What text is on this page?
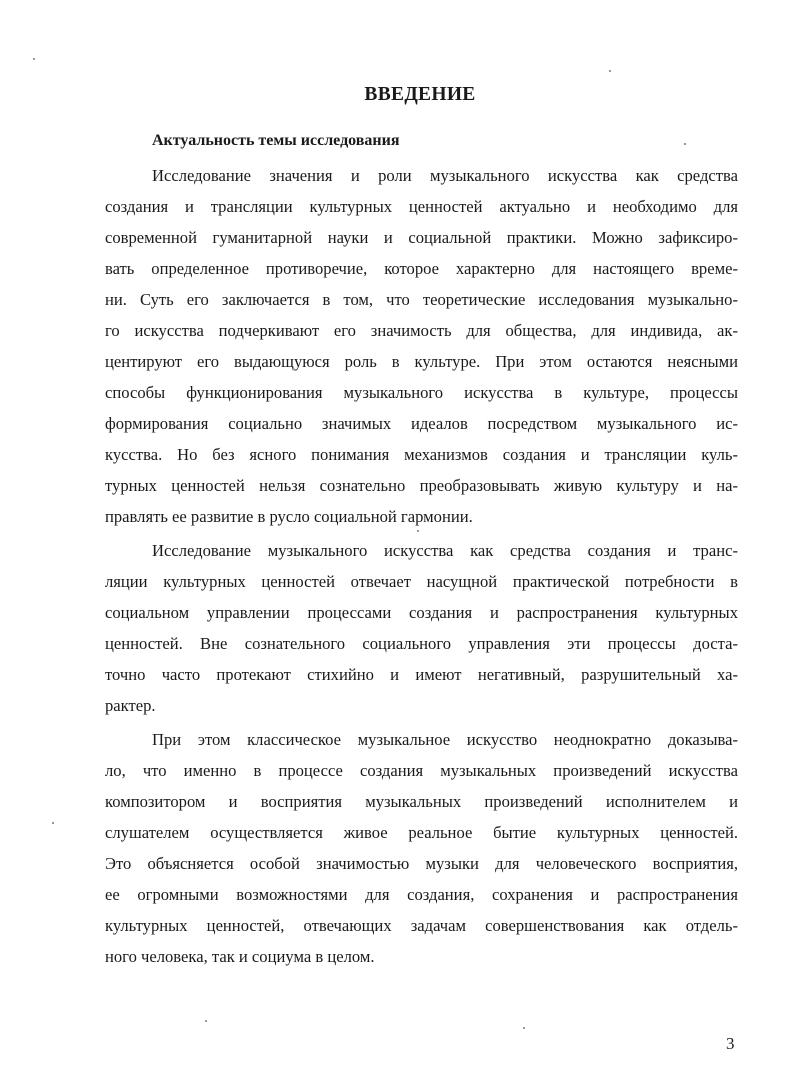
ВВЕДЕНИЕ
Актуальность темы исследования
Исследование значения и роли музыкального искусства как средства
создания и трансляции культурных ценностей актуально и необходимо для
современной гуманитарной науки и социальной практики. Можно зафиксиро-
вать определенное противоречие, которое характерно для настоящего време-
ни. Суть его заключается в том, что теоретические исследования музыкально-
го искусства подчеркивают его значимость для общества, для индивида, ак-
центируют его выдающуюся роль в культуре. При этом остаются неясными
способы функционирования музыкального искусства в культуре, процессы
формирования социально значимых идеалов посредством музыкального ис-
кусства. Но без ясного понимания механизмов создания и трансляции куль-
турных ценностей нельзя сознательно преобразовывать живую культуру и на-
правлять ее развитие в русло социальной гармонии.
Исследование музыкального искусства как средства создания и транс-
ляции культурных ценностей отвечает насущной практической потребности в
социальном управлении процессами создания и распространения культурных
ценностей. Вне сознательного социального управления эти процессы доста-
точно часто протекают стихийно и имеют негативный, разрушительный ха-
рактер.
При этом классическое музыкальное искусство неоднократно доказыва-
ло, что именно в процессе создания музыкальных произведений искусства
композитором и восприятия музыкальных произведений исполнителем и
слушателем осуществляется живое реальное бытие культурных ценностей.
Это объясняется особой значимостью музыки для человеческого восприятия,
ее огромными возможностями для создания, сохранения и распространения
культурных ценностей, отвечающих задачам совершенствования как отдель-
ного человека, так и социума в целом.
3
